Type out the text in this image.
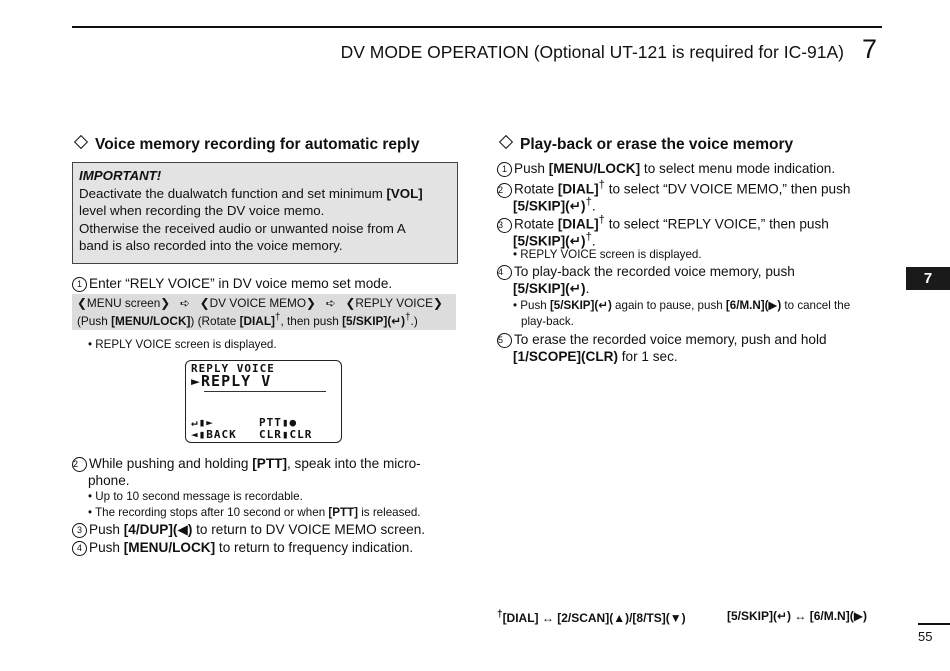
DV MODE OPERATION (Optional UT-121 is required for IC-91A) 7
7
Voice memory recording for automatic reply
IMPORTANT!
Deactivate the dualwatch function and set minimum [VOL]
level when recording the DV voice memo.
Otherwise the received audio or unwanted noise from A
band is also recorded into the voice memory.
1 Enter “RELY VOICE” in DV voice memo set mode.
❮MENU screen❯ ➪ ❮DV VOICE MEMO❯ ➪ ❮REPLY VOICE❯
(Push [MENU/LOCK]) (Rotate [DIAL]†, then push [5/SKIP](↵)†.)
• REPLY VOICE screen is displayed.
REPLY VOICE
►REPLY V
↵▮►	PTT▮●
◄▮BACK CLR▮CLR
2 While pushing and holding [PTT], speak into the micro-
phone.
• Up to 10 second message is recordable.
• The recording stops after 10 second or when [PTT] is released.
3 Push [4/DUP](◀) to return to DV VOICE MEMO screen.
4 Push [MENU/LOCK] to return to frequency indication.
Play-back or erase the voice memory
1 Push [MENU/LOCK] to select menu mode indication.
2 Rotate [DIAL]† to select “DV VOICE MEMO,” then push
[5/SKIP](↵)†.
3 Rotate [DIAL]† to select “REPLY VOICE,” then push
[5/SKIP](↵)†.
• REPLY VOICE screen is displayed.
4 To play-back the recorded voice memory, push
[5/SKIP](↵).
• Push [5/SKIP](↵) again to pause, push [6/M.N](▶) to cancel the
play-back.
5 To erase the recorded voice memory, push and hold
[1/SCOPE](CLR) for 1 sec.
†[DIAL] ↔ [2/SCAN](▲)/[8/TS](▼)	[5/SKIP](↵) ↔ [6/M.N](▶)
55
